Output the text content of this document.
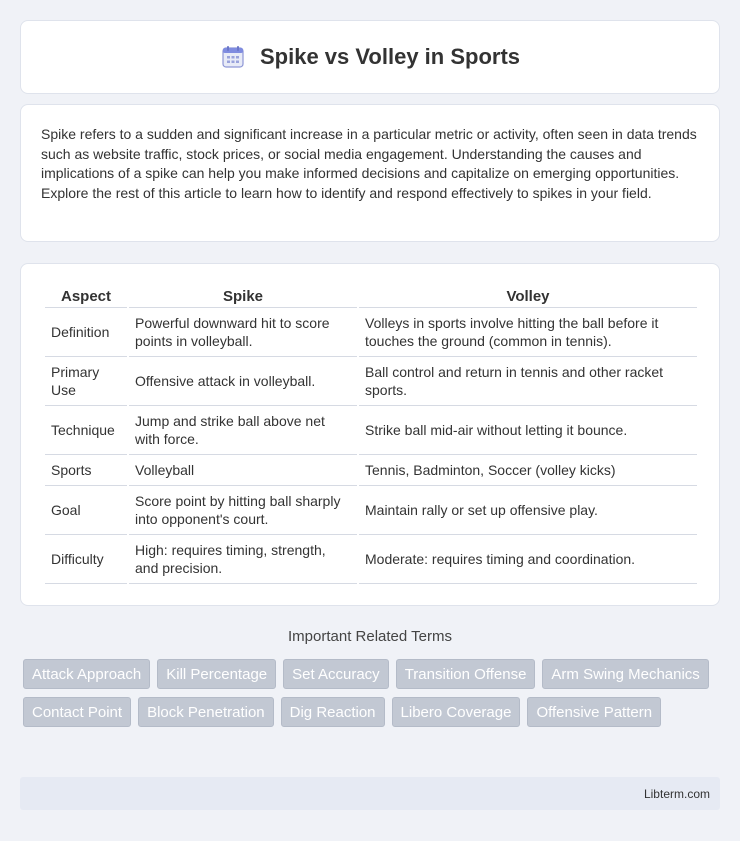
Spike vs Volley in Sports

Spike refers to a sudden and significant increase in a particular metric or activity, often seen in data trends such as website traffic, stock prices, or social media engagement. Understanding the causes and implications of a spike can help you make informed decisions and capitalize on emerging opportunities. Explore the rest of this article to learn how to identify and respond effectively to spikes in your field.

Aspect	Spike	Volley
Definition	Powerful downward hit to score points in volleyball.	Volleys in sports involve hitting the ball before it touches the ground (common in tennis).
Primary Use	Offensive attack in volleyball.	Ball control and return in tennis and other racket sports.
Technique	Jump and strike ball above net with force.	Strike ball mid-air without letting it bounce.
Sports	Volleyball	Tennis, Badminton, Soccer (volley kicks)
Goal	Score point by hitting ball sharply into opponent's court.	Maintain rally or set up offensive play.
Difficulty	High: requires timing, strength, and precision.	Moderate: requires timing and coordination.
Important Related Terms
Attack Approach	Kill Percentage	Set Accuracy	Transition Offense	Arm Swing Mechanics
Contact Point	Block Penetration	Dig Reaction	Libero Coverage	Offensive Pattern
Libterm.com
